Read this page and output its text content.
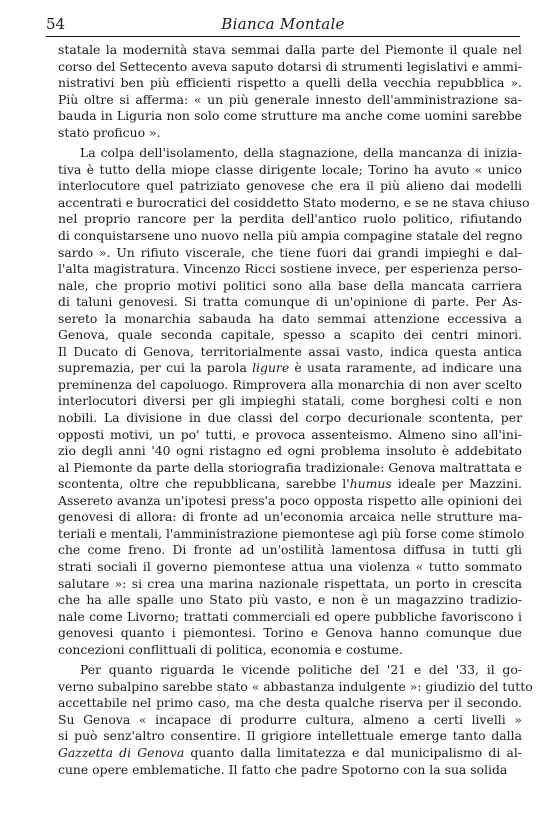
54	Bianca Montale
statale la modernità stava semmai dalla parte del Piemonte il quale nel
corso del Settecento aveva saputo dotarsi di strumenti legislativi e ammi-
nistrativi ben più efficienti rispetto a quelli della vecchia repubblica ».
Più oltre si afferma: « un più generale innesto dell'amministrazione sa-
bauda in Liguria non solo come strutture ma anche come uomini sarebbe
stato proficuo ».
La colpa dell'isolamento, della stagnazione, della mancanza di inizia-
tiva è tutto della miope classe dirigente locale; Torino ha avuto « unico
interlocutore quel patriziato genovese che era il più alieno dai modelli
accentrati e burocratici del cosiddetto Stato moderno, e se ne stava chiuso
nel proprio rancore per la perdita dell'antico ruolo politico, rifiutando
di conquistarsene uno nuovo nella più ampia compagine statale del regno
sardo ». Un rifiuto viscerale, che tiene fuori dai grandi impieghi e dal-
l'alta magistratura. Vincenzo Ricci sostiene invece, per esperienza perso-
nale, che proprio motivi politici sono alla base della mancata carriera
di taluni genovesi. Si tratta comunque di un'opinione di parte. Per As-
sereto la monarchia sabauda ha dato semmai attenzione eccessiva a
Genova, quale seconda capitale, spesso a scapito dei centri minori.
Il Ducato di Genova, territorialmente assai vasto, indica questa antica
supremazia, per cui la parola ligure è usata raramente, ad indicare una
preminenza del capoluogo. Rimprovera alla monarchia di non aver scelto
interlocutori diversi per gli impieghi statali, come borghesi colti e non
nobili. La divisione in due classi del corpo decurionale scontenta, per
opposti motivi, un po' tutti, e provoca assenteismo. Almeno sino all'ini-
zio degli anni '40 ogni ristagno ed ogni problema insoluto è addebitato
al Piemonte da parte della storiografia tradizionale: Genova maltrattata e
scontenta, oltre che repubblicana, sarebbe l'humus ideale per Mazzini.
Assereto avanza un'ipotesi press'a poco opposta rispetto alle opinioni dei
genovesi di allora: di fronte ad un'economia arcaica nelle strutture ma-
teriali e mentali, l'amministrazione piemontese agì più forse come stimolo
che come freno. Di fronte ad un'ostilità lamentosa diffusa in tutti gli
strati sociali il governo piemontese attua una violenza « tutto sommato
salutare »: si crea una marina nazionale rispettata, un porto in crescita
che ha alle spalle uno Stato più vasto, e non è un magazzino tradizio-
nale come Livorno; trattati commerciali ed opere pubbliche favoriscono i
genovesi quanto i piemontesi. Torino e Genova hanno comunque due
concezioni conflittuali di politica, economia e costume.
Per quanto riguarda le vicende politiche del '21 e del '33, il go-
verno subalpino sarebbe stato « abbastanza indulgente »: giudizio del tutto
accettabile nel primo caso, ma che desta qualche riserva per il secondo.
Su Genova « incapace di produrre cultura, almeno a certi livelli »
si può senz'altro consentire. Il grigiore intellettuale emerge tanto dalla
Gazzetta di Genova quanto dalla limitatezza e dal municipalismo di al-
cune opere emblematiche. Il fatto che padre Spotorno con la sua solida
